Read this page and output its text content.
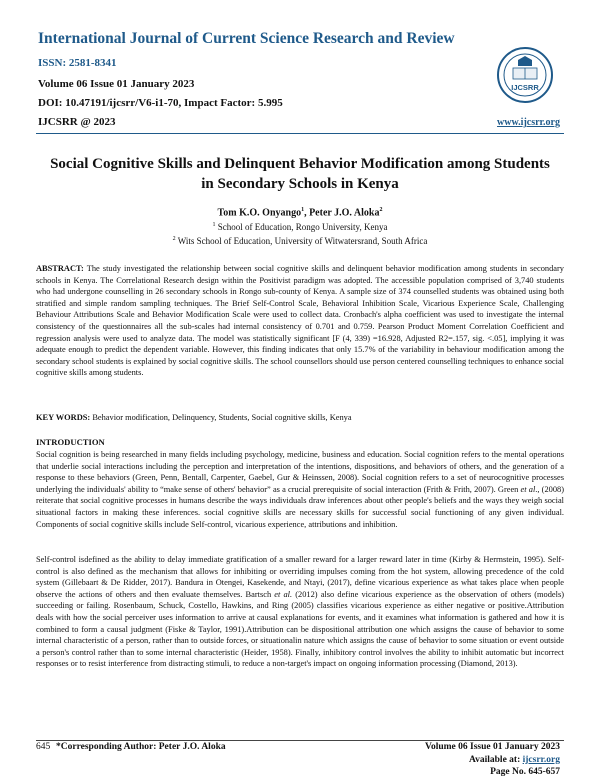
International Journal of Current Science Research and Review
ISSN: 2581-8341
Volume 06 Issue 01 January 2023
DOI: 10.47191/ijcsrr/V6-i1-70, Impact Factor: 5.995
IJCSRR @ 2023	www.ijcsrr.org
IJCSRR
Social Cognitive Skills and Delinquent Behavior Modification among Students
in Secondary Schools in Kenya
Tom K.O. Onyango$^1$, Peter J.O. Aloka$^2$
$^1$ School of Education, Rongo University, Kenya
$^2$ Wits School of Education, University of Witwatersrand, South Africa
ABSTRACT: The study investigated the relationship between social cognitive skills and delinquent behavior modification among students in secondary schools in Kenya. The Correlational Research design within the Positivist paradigm was adopted. The accessible population comprised of 3,740 students who had undergone counselling in 26 secondary schools in Rongo sub-county of Kenya. A sample size of 374 counselled students was obtained using both stratified and simple random sampling techniques. The Brief Self-Control Scale, Behavioral Inhibition Scale, Vicarious Experience Scale, Challenging Behaviour Attributions Scale and Behavior Modification Scale were used to collect data. Cronbach's alpha coefficient was used to investigate the internal consistency of the questionnaires all the sub-scales had internal consistency of 0.701 and 0.759. Pearson Product Moment Correlation Coefficient and regression analysis were used to analyze data. The model was statistically significant [F (4, 339) =16.928, Adjusted R2=.157, sig. <.05], implying it was adequate enough to predict the dependent variable. However, this finding indicates that only 15.7% of the variability in behaviour modification among the secondary school students is explained by social cognitive skills. The school counsellors should use person centered counselling techniques to enhance social cognitive skills among students.
KEY WORDS: Behavior modification, Delinquency, Students, Social cognitive skills, Kenya
INTRODUCTION
Social cognition is being researched in many fields including psychology, medicine, business and education. Social cognition refers to the mental operations that underlie social interactions including the perception and interpretation of the intentions, dispositions, and behaviors of others, and the generation of a response to these behaviors (Green, Penn, Bentall, Carpenter, Gaebel, Gur & Heinssen, 2008). Social cognition refers to a set of neurocognitive processes underlying the individuals' ability to “make sense of others' behavior” as a crucial prerequisite of social interaction (Frith & Frith, 2007). Green et al., (2008) reiterate that social cognitive processes in humans describe the ways individuals draw inferences about other people's beliefs and the ways they weigh social situational factors in making these inferences. social cognitive skills are necessary skills for successful social functioning of any given individual. Components of social cognitive skills include Self-control, vicarious experience, attributions and inhibition.
Self-control isdefined as the ability to delay immediate gratification of a smaller reward for a larger reward later in time (Kirby & Herrnstein, 1995). Self-control is also defined as the mechanism that allows for inhibiting or overriding impulses coming from the hot system, allowing precedence of the cold system (Gillebaart & De Ridder, 2017). Bandura in Otengei, Kasekende, and Ntayi, (2017), define vicarious experience as what takes place when people observe the actions of others and then evaluate themselves. Bartsch et al. (2012) also define vicarious experience as the observation of others (models) succeeding or failing. Rosenbaum, Schuck, Costello, Hawkins, and Ring (2005) classifies vicarious experience as either negative or positive.Attribution deals with how the social perceiver uses information to arrive at causal explanations for events, and it examines what information is gathered and how it is combined to form a causal judgment (Fiske & Taylor, 1991).Attribution can be dispositional attribution one which assigns the cause of behavior to some internal characteristic of a person, rather than to outside forces, or situationalin nature which assigns the cause of behavior to some situation or event outside a person's control rather than to some internal characteristic (Heider, 1958). Finally, inhibitory control involves the ability to inhibit automatic but incorrect responses or to resist interference from distracting stimuli, to reduce a non-target's impact on ongoing information processing (Diamond, 2013).
645 *Corresponding Author: Peter J.O. Aloka	Volume 06 Issue 01 January 2023
Available at: ijcsrr.org
Page No. 645-657
